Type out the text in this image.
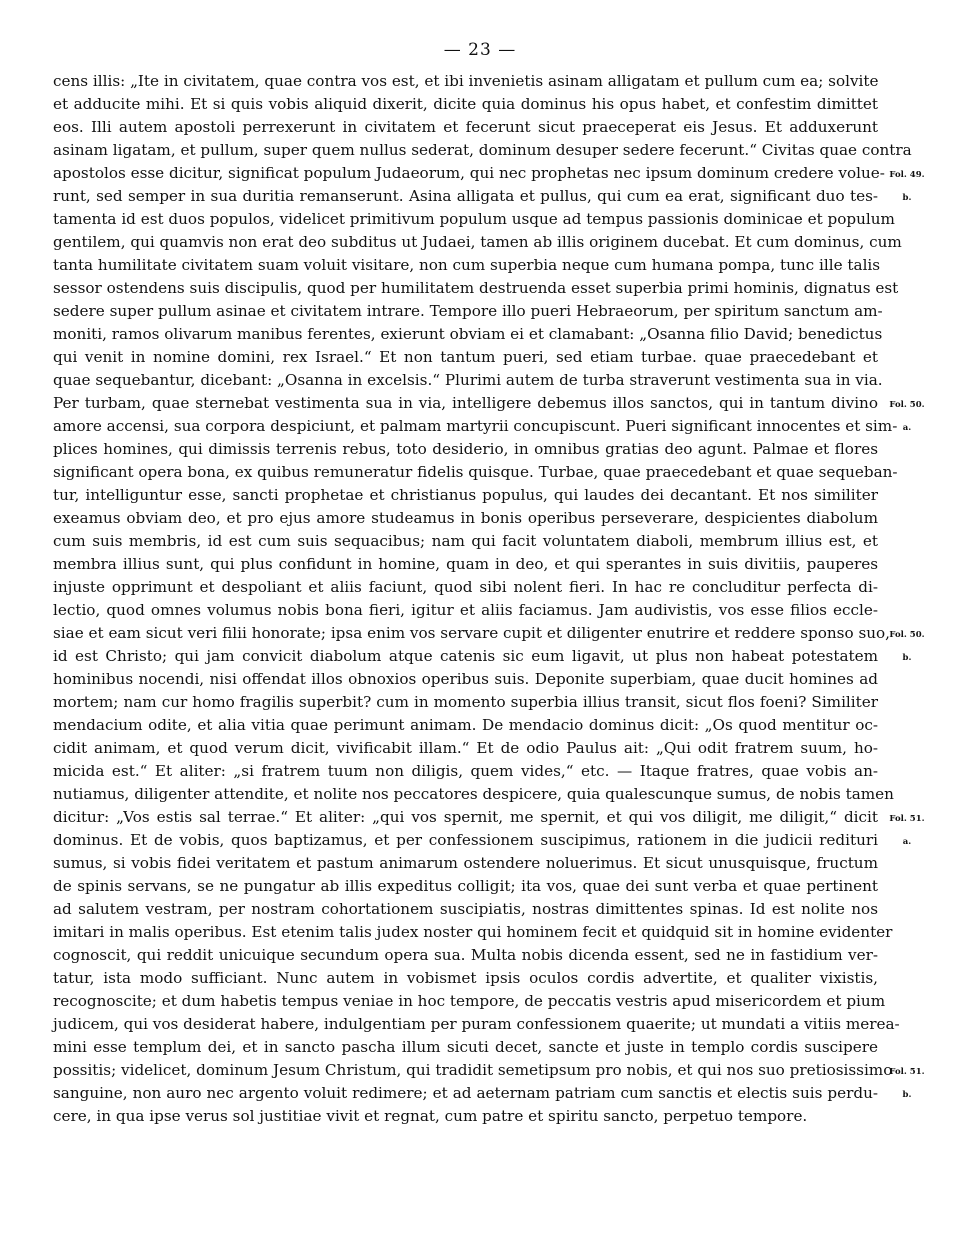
— 23 —
cens illis: „Ite in civitatem, quae contra vos est, et ibi invenietis asinam alligatam et pullum cum ea; solvite
et adducite mihi. Et si quis vobis aliquid dixerit, dicite quia dominus his opus habet, et confestim dimittet
eos. Illi autem apostoli perrexerunt in civitatem et fecerunt sicut praeceperat eis Jesus. Et adduxerunt
asinam ligatam, et pullum, super quem nullus sederat, dominum desuper sedere fecerunt.“ Civitas quae contra
apostolos esse dicitur, significat populum Judaeorum, qui nec prophetas nec ipsum dominum credere volue-
runt, sed semper in sua duritia remanserunt. Asina alligata et pullus, qui cum ea erat, significant duo tes-
tamenta id est duos populos, videlicet primitivum populum usque ad tempus passionis dominicae et populum
gentilem, qui quamvis non erat deo subditus ut Judaei, tamen ab illis originem ducebat. Et cum dominus, cum
tanta humilitate civitatem suam voluit visitare, non cum superbia neque cum humana pompa, tunc ille talis
sessor ostendens suis discipulis, quod per humilitatem destruenda esset superbia primi hominis, dignatus est
sedere super pullum asinae et civitatem intrare. Tempore illo pueri Hebraeorum, per spiritum sanctum am-
moniti, ramos olivarum manibus ferentes, exierunt obviam ei et clamabant: „Osanna filio David; benedictus
qui venit in nomine domini, rex Israel.“ Et non tantum pueri, sed etiam turbae. quae praecedebant et
quae sequebantur, dicebant: „Osanna in excelsis.“ Plurimi autem de turba straverunt vestimenta sua in via.
Per turbam, quae sternebat vestimenta sua in via, intelligere debemus illos sanctos, qui in tantum divino
amore accensi, sua corpora despiciunt, et palmam martyrii concupiscunt. Pueri significant innocentes et sim-
plices homines, qui dimissis terrenis rebus, toto desiderio, in omnibus gratias deo agunt. Palmae et flores
significant opera bona, ex quibus remuneratur fidelis quisque. Turbae, quae praecedebant et quae sequeban-
tur, intelliguntur esse, sancti prophetae et christianus populus, qui laudes dei decantant. Et nos similiter
exeamus obviam deo, et pro ejus amore studeamus in bonis operibus perseverare, despicientes diabolum
cum suis membris, id est cum suis sequacibus; nam qui facit voluntatem diaboli, membrum illius est, et
membra illius sunt, qui plus confidunt in homine, quam in deo, et qui sperantes in suis divitiis, pauperes
injuste opprimunt et despoliant et aliis faciunt, quod sibi nolent fieri. In hac re concluditur perfecta di-
lectio, quod omnes volumus nobis bona fieri, igitur et aliis faciamus. Jam audivistis, vos esse filios eccle-
siae et eam sicut veri filii honorate; ipsa enim vos servare cupit et diligenter enutrire et reddere sponso suo,
id est Christo; qui jam convicit diabolum atque catenis sic eum ligavit, ut plus non habeat potestatem
hominibus nocendi, nisi offendat illos obnoxios operibus suis. Deponite superbiam, quae ducit homines ad
mortem; nam cur homo fragilis superbit? cum in momento superbia illius transit, sicut flos foeni? Similiter
mendacium odite, et alia vitia quae perimunt animam. De mendacio dominus dicit: „Os quod mentitur oc-
cidit animam, et quod verum dicit, vivificabit illam.“ Et de odio Paulus ait: „Qui odit fratrem suum, ho-
micida est.“ Et aliter: „si fratrem tuum non diligis, quem vides,“ etc. — Itaque fratres, quae vobis an-
nutiamus, diligenter attendite, et nolite nos peccatores despicere, quia qualescunque sumus, de nobis tamen
dicitur: „Vos estis sal terrae.“ Et aliter: „qui vos spernit, me spernit, et qui vos diligit, me diligit,“ dicit
dominus. Et de vobis, quos baptizamus, et per confessionem suscipimus, rationem in die judicii redituri
sumus, si vobis fidei veritatem et pastum animarum ostendere noluerimus. Et sicut unusquisque, fructum
de spinis servans, se ne pungatur ab illis expeditus colligit; ita vos, quae dei sunt verba et quae pertinent
ad salutem vestram, per nostram cohortationem suscipiatis, nostras dimittentes spinas. Id est nolite nos
imitari in malis operibus. Est etenim talis judex noster qui hominem fecit et quidquid sit in homine evidenter
cognoscit, qui reddit unicuique secundum opera sua. Multa nobis dicenda essent, sed ne in fastidium ver-
tatur, ista modo sufficiant. Nunc autem in vobismet ipsis oculos cordis advertite, et qualiter vixistis,
recognoscite; et dum habetis tempus veniae in hoc tempore, de peccatis vestris apud misericordem et pium
judicem, qui vos desiderat habere, indulgentiam per puram confessionem quaerite; ut mundati a vitiis merea-
mini esse templum dei, et in sancto pascha illum sicuti decet, sancte et juste in templo cordis suscipere
possitis; videlicet, dominum Jesum Christum, qui tradidit semetipsum pro nobis, et qui nos suo pretiosissimo
sanguine, non auro nec argento voluit redimere; et ad aeternam patriam cum sanctis et electis suis perdu-
cere, in qua ipse verus sol justitiae vivit et regnat, cum patre et spiritu sancto, perpetuo tempore.
Fol. 49.
b.
Fol. 50.
a.
Fol. 50.
b.
Fol. 51.
a.
Fol. 51.
b.
